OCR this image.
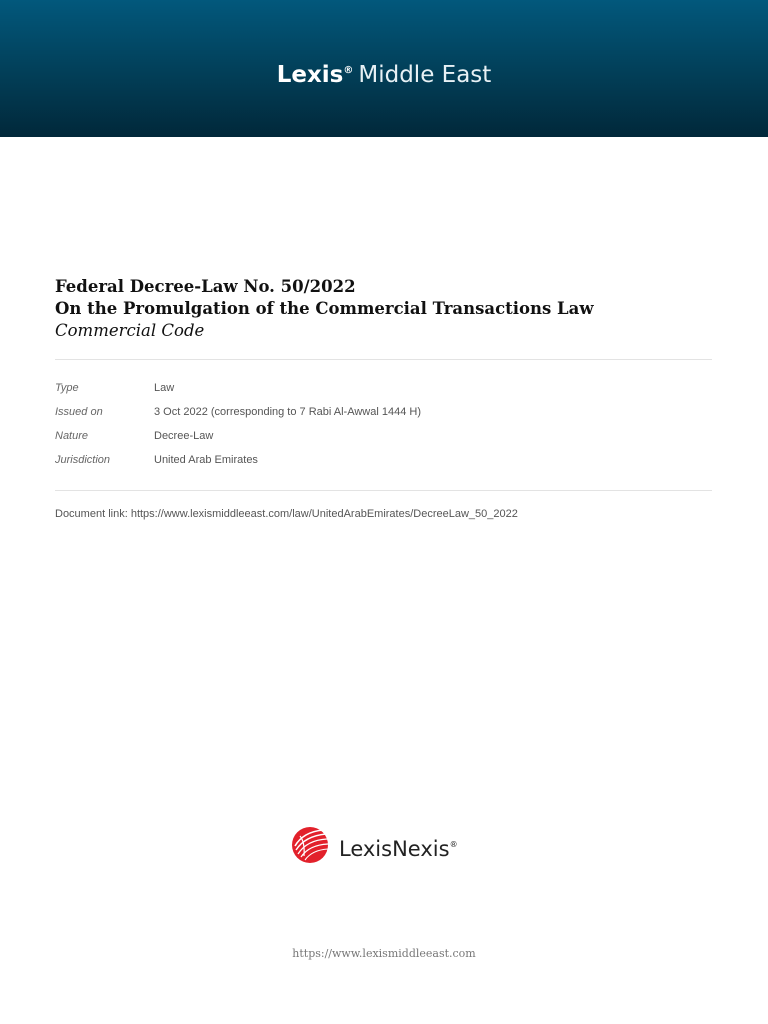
Lexis® Middle East
Federal Decree-Law No. 50/2022
On the Promulgation of the Commercial Transactions Law
Commercial Code
Type	Law
Issued on	3 Oct 2022 (corresponding to 7 Rabi Al-Awwal 1444 H)
Nature	Decree-Law
Jurisdiction	United Arab Emirates
Document link: https://www.lexismiddleeast.com/law/UnitedArabEmirates/DecreeLaw_50_2022
LexisNexis®
https://www.lexismiddleeast.com
